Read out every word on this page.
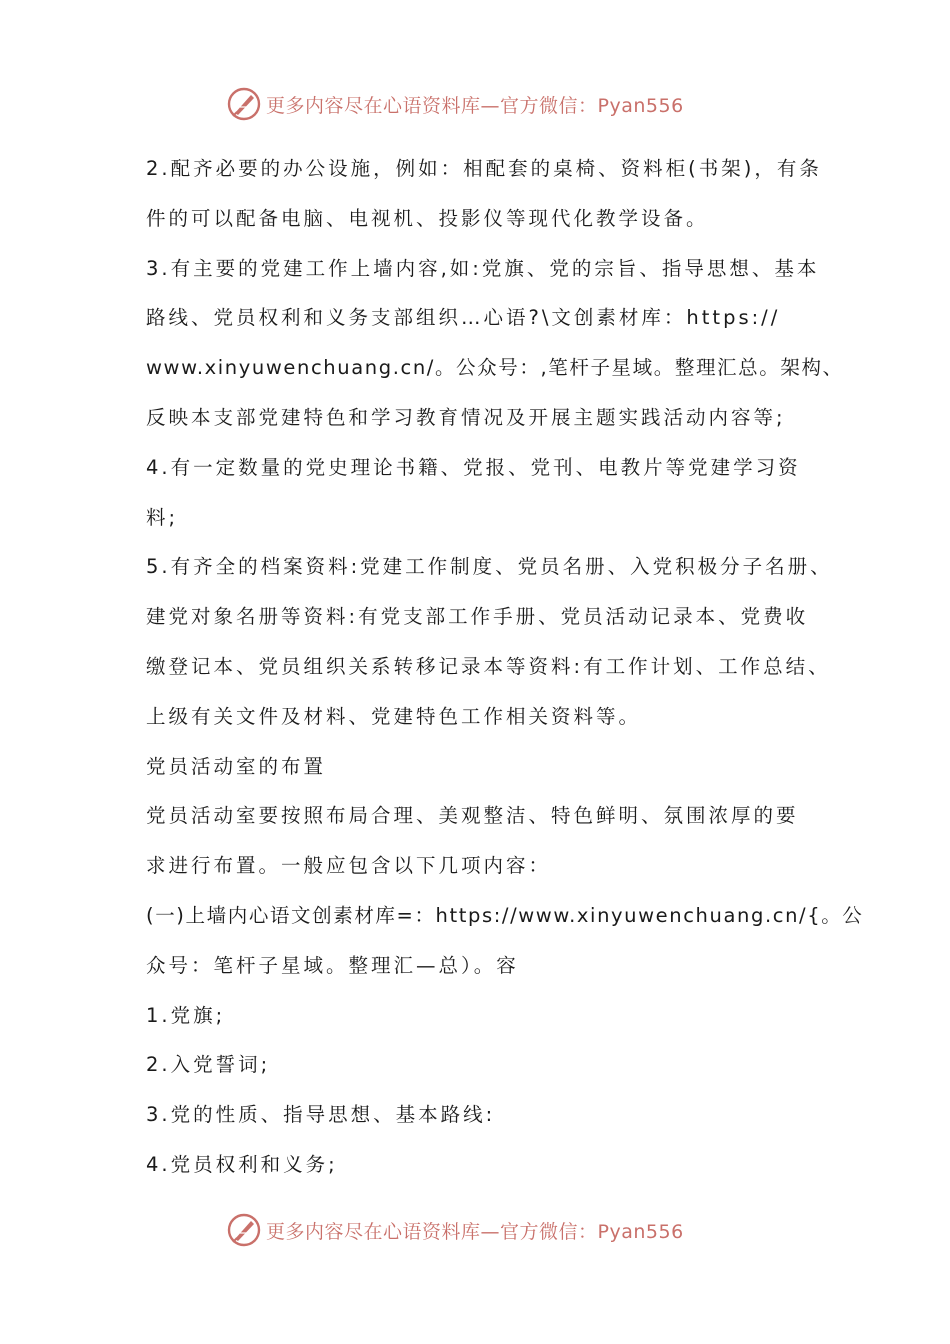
更多内容尽在心语资料库—官方微信：Pyan556
2.配齐必要的办公设施，例如：相配套的桌椅、资料柜(书架)，有条
件的可以配备电脑、电视机、投影仪等现代化教学设备。
3.有主要的党建工作上墙内容,如:党旗、党的宗旨、指导思想、基本
路线、党员权利和义务支部组织…心语?\文创素材库：https://
www.xinyuwenchuang.cn/。公众号：,笔杆子星域。整理汇总。架构、
反映本支部党建特色和学习教育情况及开展主题实践活动内容等;
4.有一定数量的党史理论书籍、党报、党刊、电教片等党建学习资
料;
5.有齐全的档案资料:党建工作制度、党员名册、入党积极分子名册、
建党对象名册等资料:有党支部工作手册、党员活动记录本、党费收
缴登记本、党员组织关系转移记录本等资料:有工作计划、工作总结、
上级有关文件及材料、党建特色工作相关资料等。
党员活动室的布置
党员活动室要按照布局合理、美观整洁、特色鲜明、氛围浓厚的要
求进行布置。一般应包含以下几项内容：
(一)上墙内心语文创素材库=：https://www.xinyuwenchuang.cn/{。公
众号：笔杆子星域。整理汇—总）。容
1.党旗;
2.入党誓词;
3.党的性质、指导思想、基本路线:
4.党员权利和义务;
更多内容尽在心语资料库—官方微信：Pyan556
